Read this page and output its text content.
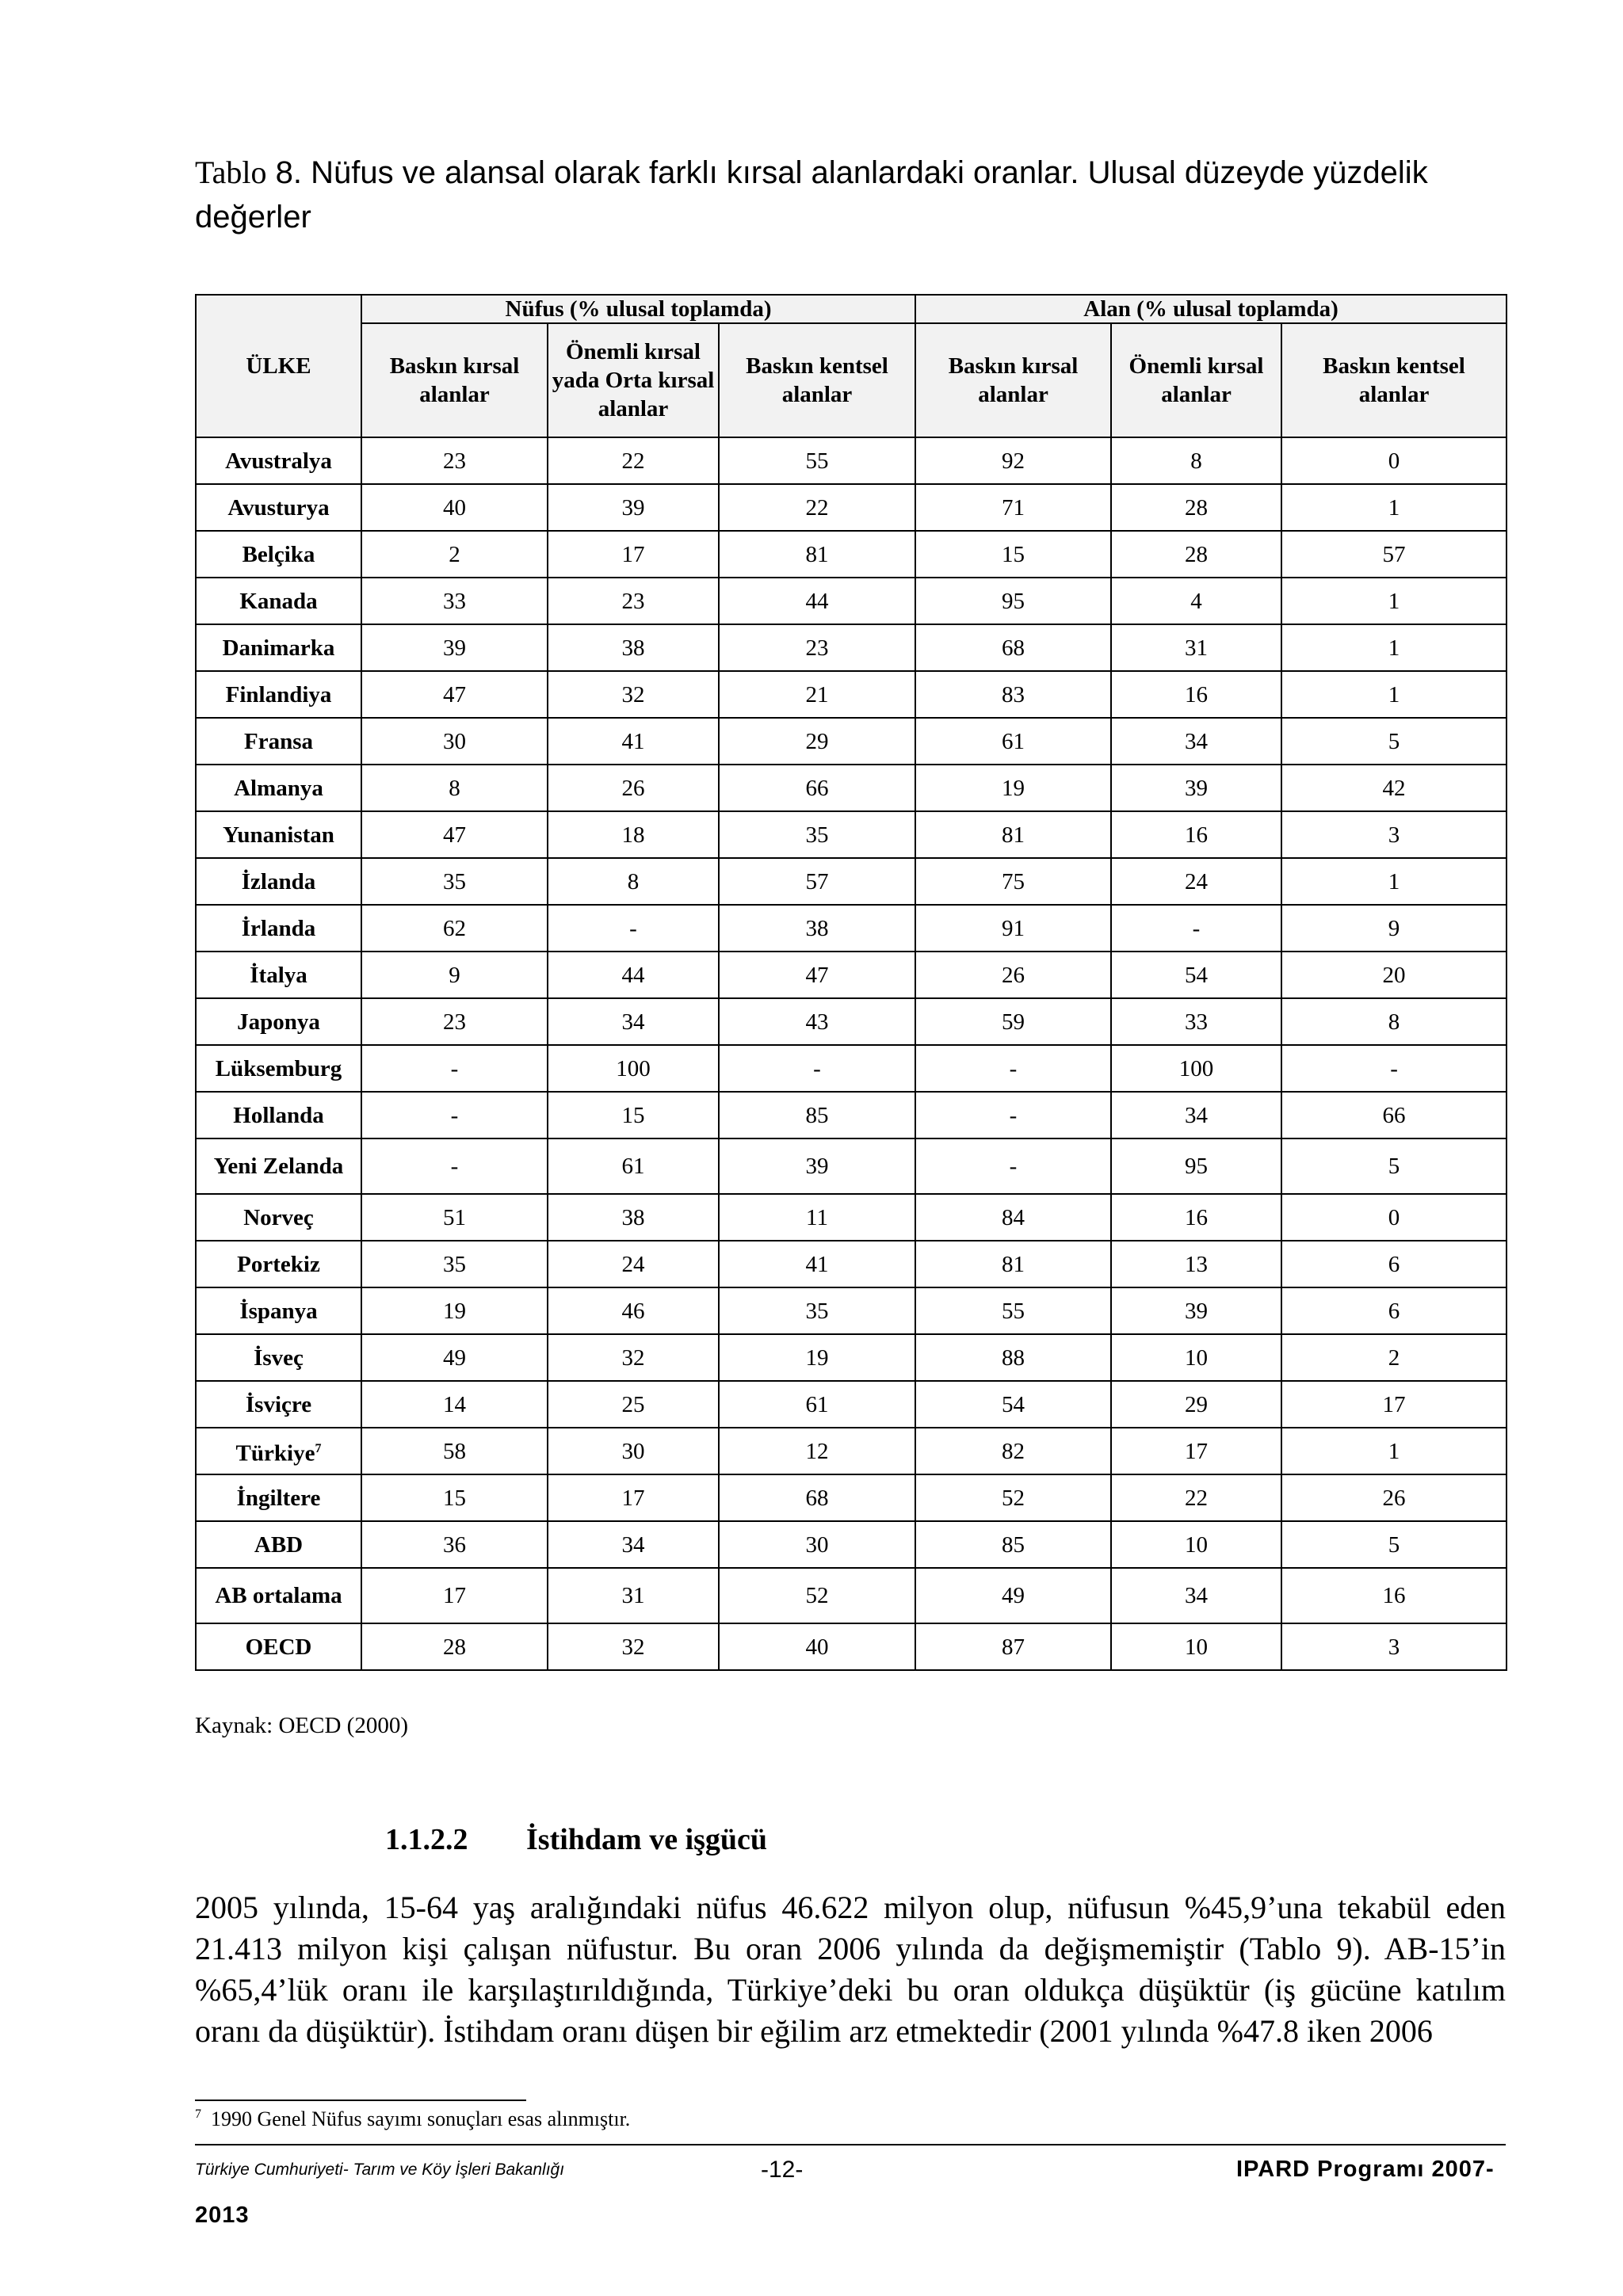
Tablo 8. Nüfus ve alansal olarak farklı kırsal alanlardaki oranlar. Ulusal düzeyde yüzdelik değerler
ÜLKE	Nüfus (% ulusal toplamda)			Alan (% ulusal toplamda)		
	Baskın kırsal alanlar	Önemli kırsal yada Orta kırsal alanlar	Baskın kentsel alanlar	Baskın kırsal alanlar	Önemli kırsal alanlar	Baskın kentsel alanlar
Avustralya	23	22	55	92	8	0
Avusturya	40	39	22	71	28	1
Belçika	2	17	81	15	28	57
Kanada	33	23	44	95	4	1
Danimarka	39	38	23	68	31	1
Finlandiya	47	32	21	83	16	1
Fransa	30	41	29	61	34	5
Almanya	8	26	66	19	39	42
Yunanistan	47	18	35	81	16	3
İzlanda	35	8	57	75	24	1
İrlanda	62	-	38	91	-	9
İtalya	9	44	47	26	54	20
Japonya	23	34	43	59	33	8
Lüksemburg	-	100	-	-	100	-
Hollanda	-	15	85	-	34	66
Yeni Zelanda	-	61	39	-	95	5
Norveç	51	38	11	84	16	0
Portekiz	35	24	41	81	13	6
İspanya	19	46	35	55	39	6
İsveç	49	32	19	88	10	2
İsviçre	14	25	61	54	29	17
Türkiye$^7$	58	30	12	82	17	1
İngiltere	15	17	68	52	22	26
ABD	36	34	30	85	10	5
AB ortalama	17	31	52	49	34	16
OECD	28	32	40	87	10	3
Kaynak: OECD (2000)
1.1.2.2 İstihdam ve işgücü

2005 yılında, 15-64 yaş aralığındaki nüfus 46.622 milyon olup, nüfusun %45,9’una tekabül eden 21.413 milyon kişi çalışan nüfustur. Bu oran 2006 yılında da değişmemiştir (Tablo 9). AB-15’in %65,4’lük oranı ile karşılaştırıldığında, Türkiye’deki bu oran oldukça düşüktür (iş gücüne katılım oranı da düşüktür). İstihdam oranı düşen bir eğilim arz etmektedir (2001 yılında %47.8 iken 2006

$^7$ 1990 Genel Nüfus sayımı sonuçları esas alınmıştır.
Türkiye Cumhuriyeti- Tarım ve Köy İşleri Bakanlığı	-12-	IPARD Programı 2007-
2013
